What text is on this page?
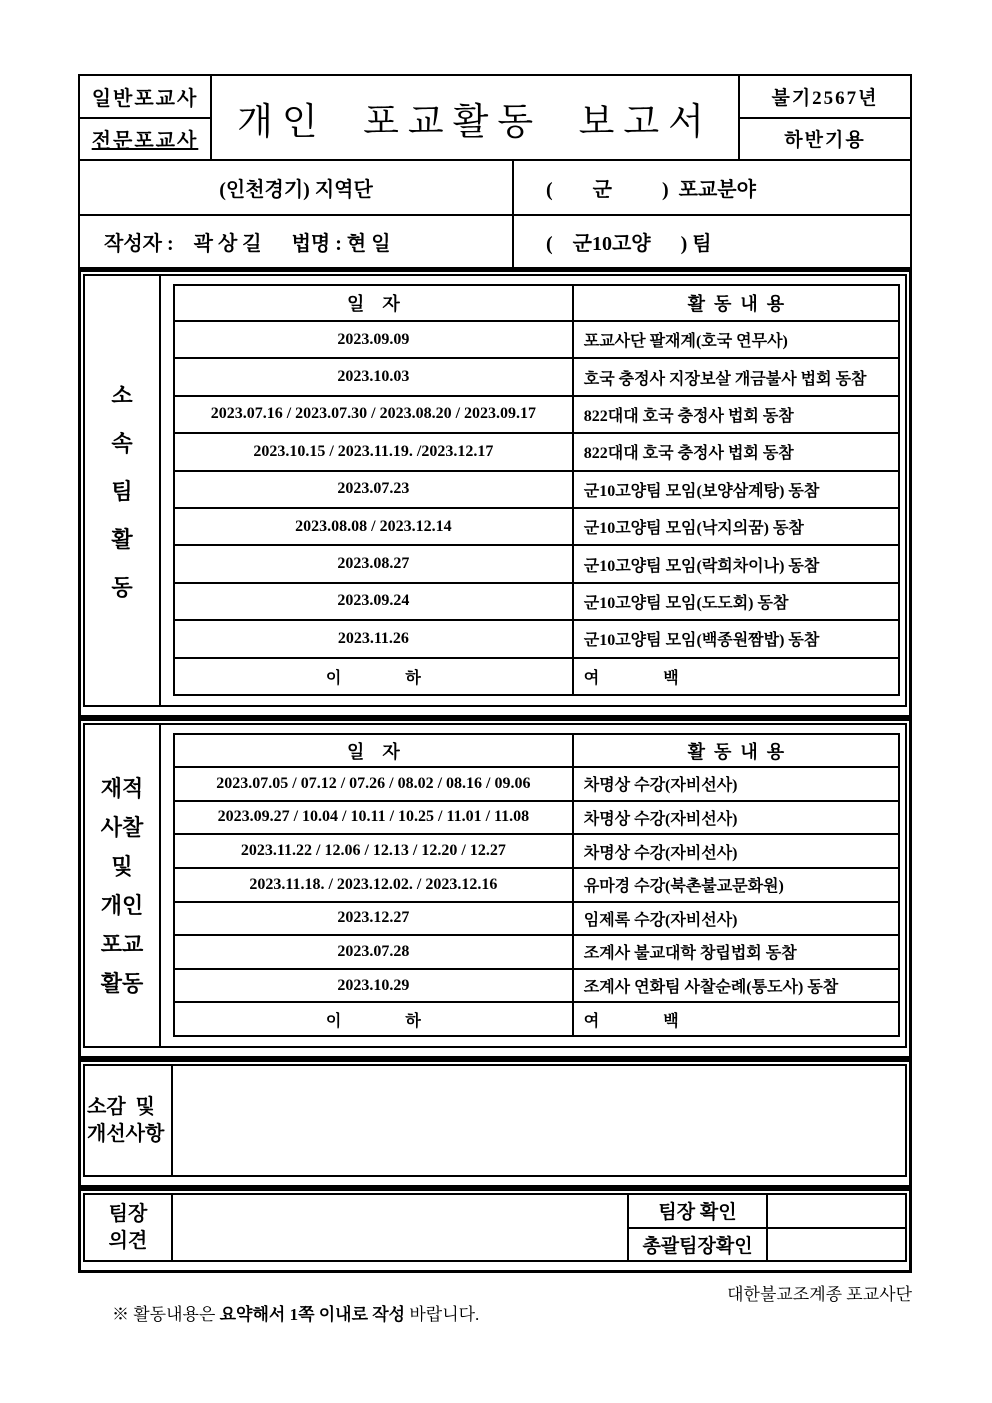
일반포교사
전문포교사	개인  포교활동  보고서
불기2567년
하반기용
(인천경기) 지역단	(        군          )  포교분야
작성자 :    곽 상 길      법명 : 현 일	(    군10고양      ) 팀
소
속
팀
활
동
일    자	활  동  내  용
2023.09.09	포교사단 팔재계(호국 연무사)
2023.10.03	호국 충정사 지장보살 개금불사 법회 동참
2023.07.16 / 2023.07.30 / 2023.08.20 / 2023.09.17	822대대 호국 충정사 법회 동참
2023.10.15 / 2023.11.19. /2023.12.17	822대대 호국 충정사 법회 동참
2023.07.23	군10고양팀 모임(보양삼계탕) 동참
2023.08.08 / 2023.12.14	군10고양팀 모임(낙지의꿈) 동참
2023.08.27	군10고양팀 모임(락희차이나) 동참
2023.09.24	군10고양팀 모임(도도회) 동참
2023.11.26	군10고양팀 모임(백종원짬밥) 동참
이                하	여                백
재적
사찰
및
개인
포교
활동
일    자	활  동  내  용
2023.07.05 / 07.12 / 07.26 / 08.02 / 08.16 / 09.06	차명상 수강(자비선사)
2023.09.27 / 10.04 / 10.11 / 10.25 / 11.01 / 11.08	차명상 수강(자비선사)
2023.11.22 / 12.06 / 12.13 / 12.20 / 12.27	차명상 수강(자비선사)
2023.11.18. / 2023.12.02. / 2023.12.16	유마경 수강(북촌불교문화원)
2023.12.27	임제록 수강(자비선사)
2023.07.28	조계사 불교대학 창립법회 동참
2023.10.29	조계사 연화팀 사찰순례(통도사) 동참
이                하	여                백
소감  및
개선사항
팀장
의견
팀장 확인
총괄팀장확인

※ 활동내용은 요약해서 1쪽 이내로 작성 바랍니다.

대한불교조계종 포교사단
